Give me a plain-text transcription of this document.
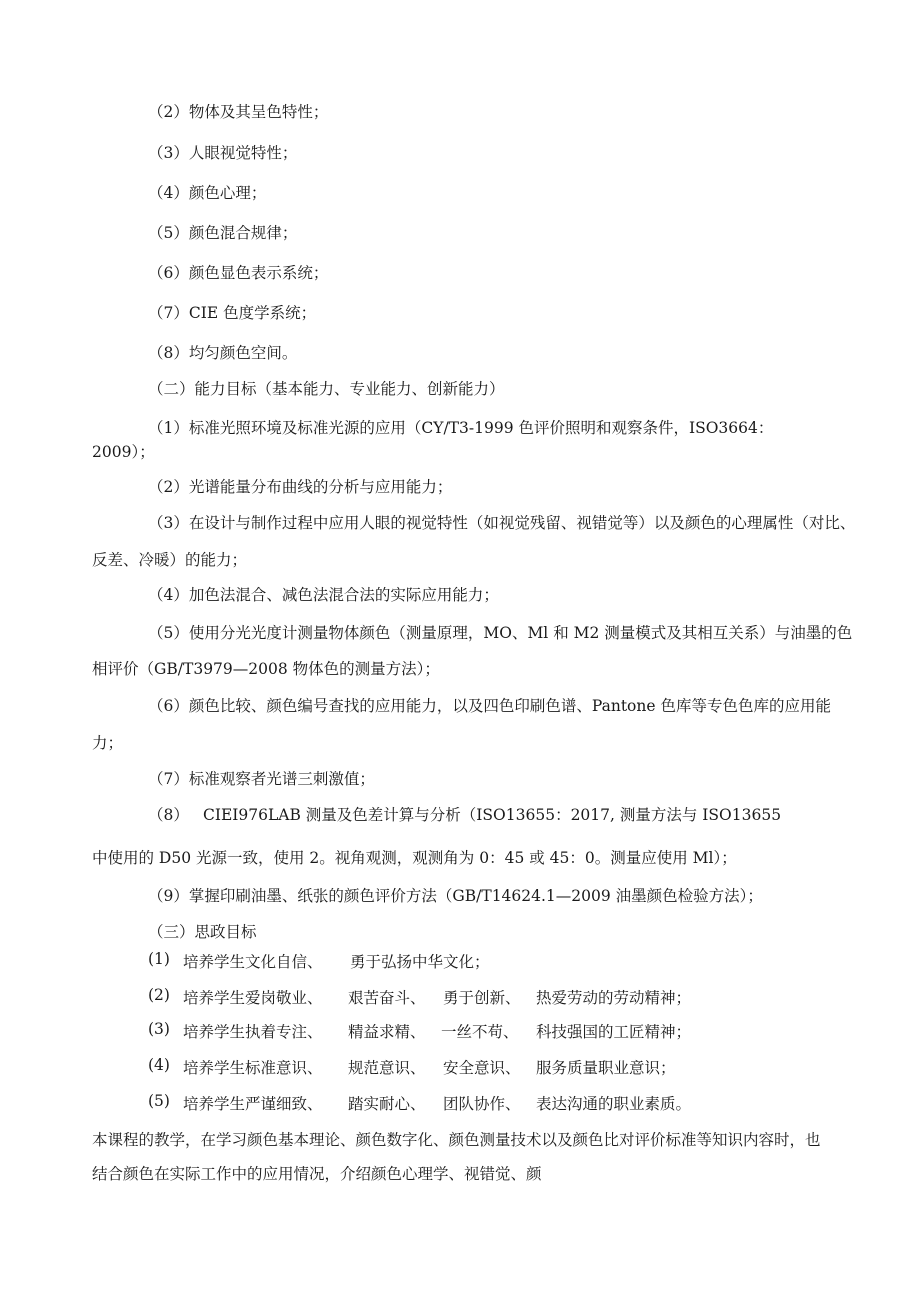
（2）物体及其呈色特性；
（3）人眼视觉特性；
（4）颜色心理；
（5）颜色混合规律；
（6）颜色显色表示系统；
（7）CIE 色度学系统；
（8）均匀颜色空间。
（二）能力目标（基本能力、专业能力、创新能力）
（1）标准光照环境及标准光源的应用（CY/T3-1999 色评价照明和观察条件，ISO3664：
2009）；
（2）光谱能量分布曲线的分析与应用能力；
（3）在设计与制作过程中应用人眼的视觉特性（如视觉残留、视错觉等）以及颜色的心理属性（对比、
反差、冷暖）的能力；
（4）加色法混合、减色法混合法的实际应用能力；
（5）使用分光光度计测量物体颜色（测量原理，MO、Ml 和 M2 测量模式及其相互关系）与油墨的色
相评价（GB/T3979—2008 物体色的测量方法）；
（6）颜色比较、颜色编号查找的应用能力，以及四色印刷色谱、Pantone 色库等专色色库的应用能
力；
（7）标准观察者光谱三刺激值；
（8） CIEI976LAB 测量及色差计算与分析（ISO13655：2017, 测量方法与 ISO13655
中使用的 D50 光源一致，使用 2。视角观测，观测角为 0：45 或 45：0。测量应使用 Ml）；
（9）掌握印刷油墨、纸张的颜色评价方法（GB/T14624.1—2009 油墨颜色检验方法）；
（三）思政目标
(1) 培养学生文化自信、 勇于弘扬中华文化；
(2) 培养学生爱岗敬业、 艰苦奋斗、 勇于创新、 热爱劳动的劳动精神；
(3) 培养学生执着专注、 精益求精、 一丝不苟、 科技强国的工匠精神；
(4) 培养学生标准意识、 规范意识、 安全意识、 服务质量职业意识；
(5) 培养学生严谨细致、 踏实耐心、 团队协作、 表达沟通的职业素质。
本课程的教学，在学习颜色基本理论、颜色数字化、颜色测量技术以及颜色比对评价标准等知识内容时，也
结合颜色在实际工作中的应用情况，介绍颜色心理学、视错觉、颜
